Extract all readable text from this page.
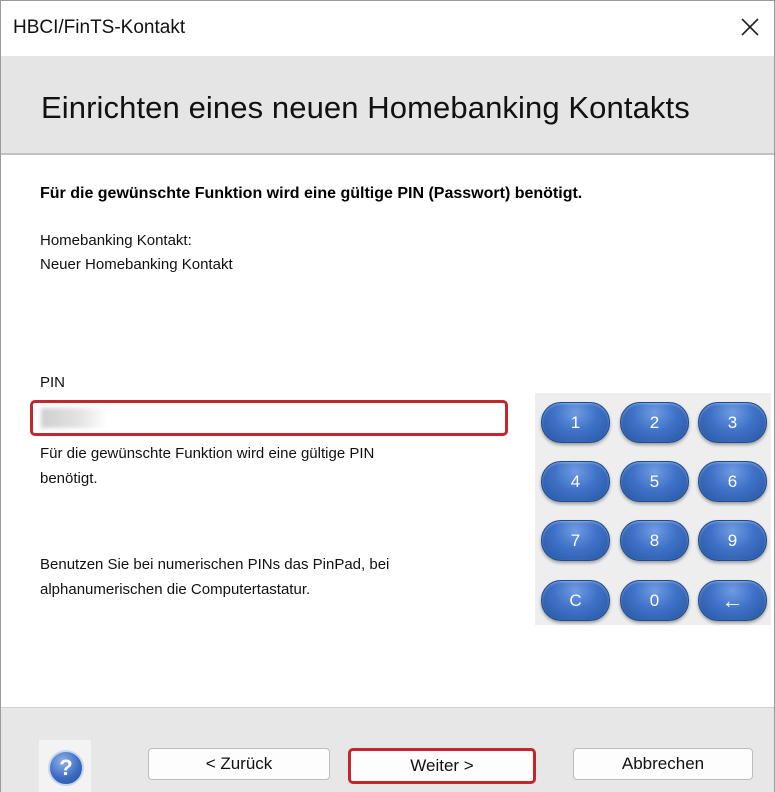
HBCI/FinTS-Kontakt
Einrichten eines neuen Homebanking Kontakts
Für die gewünschte Funktion wird eine gültige PIN (Passwort) benötigt.
Homebanking Kontakt:
Neuer Homebanking Kontakt
PIN
Für die gewünschte Funktion wird eine gültige PIN
benötigt.
Benutzen Sie bei numerischen PINs das PinPad, bei
alphanumerischen die Computertastatur.
1	2	3
4	5	6
7	8	9
C	0	←
?	< Zurück	Weiter >	Abbrechen
